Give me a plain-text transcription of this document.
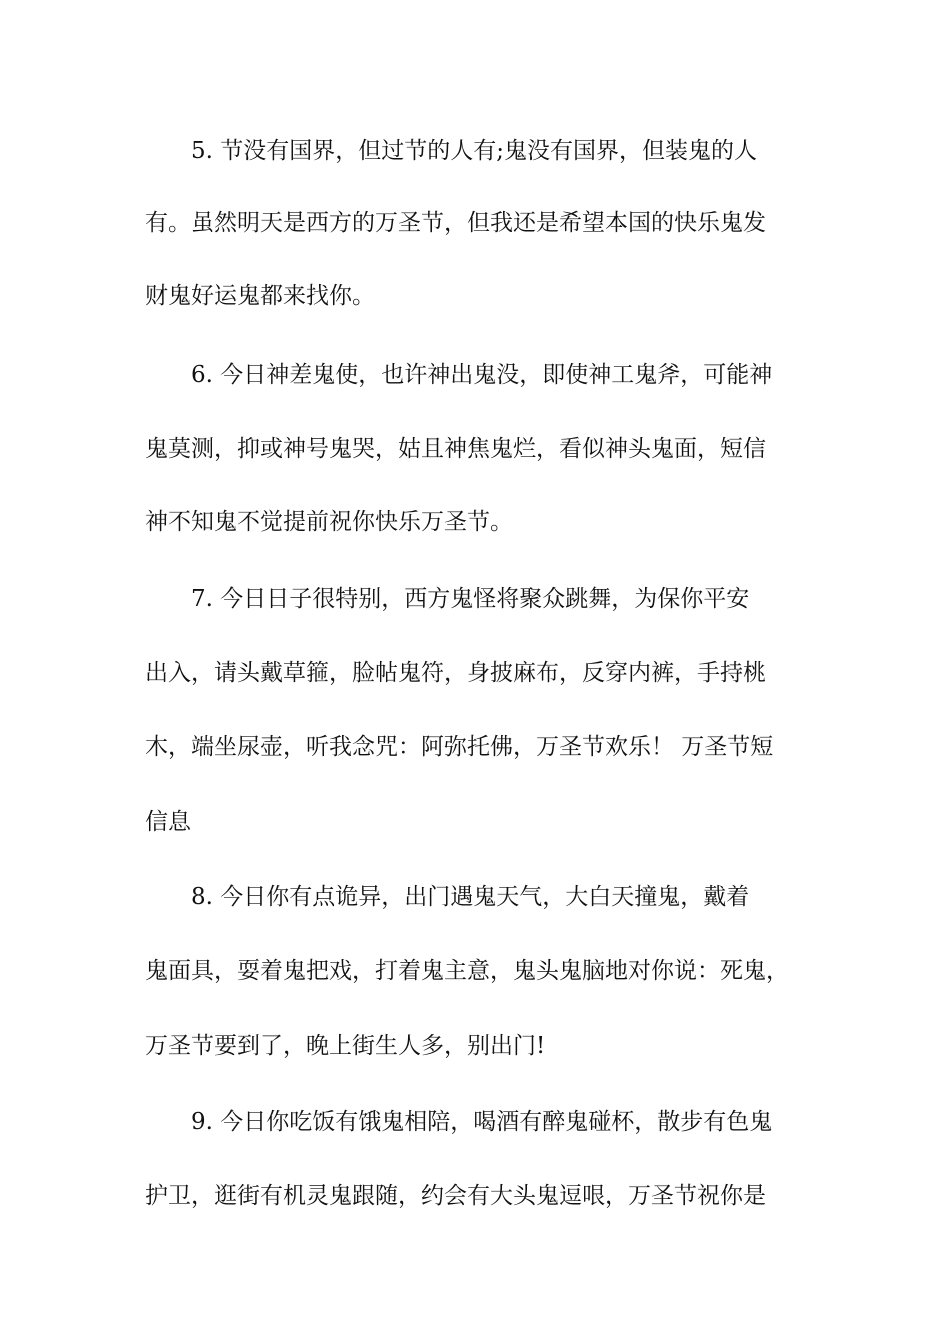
　　5. 节没有国界，但过节的人有;鬼没有国界，但装鬼的人
有。虽然明天是西方的万圣节，但我还是希望本国的快乐鬼发
财鬼好运鬼都来找你。
　　6. 今日神差鬼使，也许神出鬼没，即使神工鬼斧，可能神
鬼莫测，抑或神号鬼哭，姑且神焦鬼烂，看似神头鬼面，短信
神不知鬼不觉提前祝你快乐万圣节。
　　7. 今日日子很特别，西方鬼怪将聚众跳舞，为保你平安
出入，请头戴草箍，脸帖鬼符，身披麻布，反穿内裤，手持桃
木，端坐尿壶，听我念咒：阿弥托佛，万圣节欢乐！ 万圣节短
信息
　　8. 今日你有点诡异，出门遇鬼天气，大白天撞鬼，戴着
鬼面具，耍着鬼把戏，打着鬼主意，鬼头鬼脑地对你说：死鬼，
万圣节要到了，晚上街生人多，别出门!
　　9. 今日你吃饭有饿鬼相陪，喝酒有醉鬼碰杯，散步有色鬼
护卫，逛街有机灵鬼跟随，约会有大头鬼逗哏，万圣节祝你是
